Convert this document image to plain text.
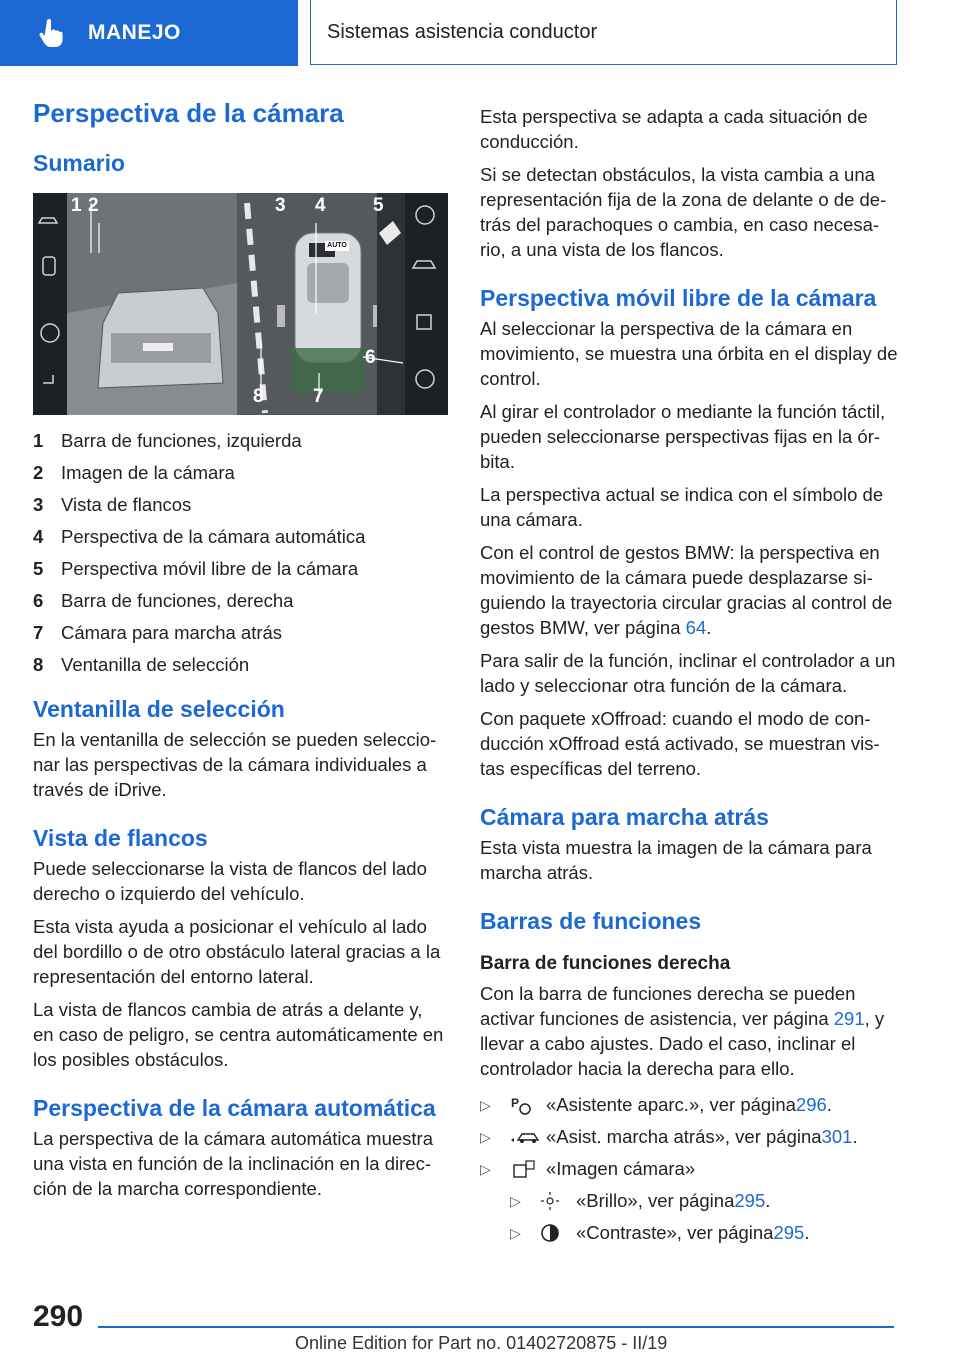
MANEJO	Sistemas asistencia conductor
Perspectiva de la cámara
Sumario
1 2	3 4 5
6
7
8
AUTO
1 Barra de funciones, izquierda
2 Imagen de la cámara
3 Vista de flancos
4 Perspectiva de la cámara automática
5 Perspectiva móvil libre de la cámara
6 Barra de funciones, derecha
7 Cámara para marcha atrás
8 Ventanilla de selección
Ventanilla de selección

En la ventanilla de selección se pueden seleccio‐nar las perspectivas de la cámara individuales a través de iDrive.

Vista de flancos

Puede seleccionarse la vista de flancos del lado derecho o izquierdo del vehículo.

Esta vista ayuda a posicionar el vehículo al lado del bordillo o de otro obstáculo lateral gracias a la representación del entorno lateral.

La vista de flancos cambia de atrás a delante y, en caso de peligro, se centra automáticamente en los posibles obstáculos.

Perspectiva de la cámara automática

La perspectiva de la cámara automática muestra una vista en función de la inclinación en la direc‐ción de la marcha correspondiente.

Esta perspectiva se adapta a cada situación de conducción.

Si se detectan obstáculos, la vista cambia a una representación fija de la zona de delante o de de‐trás del parachoques o cambia, en caso necesa‐rio, a una vista de los flancos.

Perspectiva móvil libre de la cámara

Al seleccionar la perspectiva de la cámara en movimiento, se muestra una órbita en el display de control.

Al girar el controlador o mediante la función táctil, pueden seleccionarse perspectivas fijas en la ór‐bita.

La perspectiva actual se indica con el símbolo de una cámara.

Con el control de gestos BMW: la perspectiva en movimiento de la cámara puede desplazarse si‐guiendo la trayectoria circular gracias al control de gestos BMW, ver página 64.

Para salir de la función, inclinar el controlador a un lado y seleccionar otra función de la cámara.

Con paquete xOffroad: cuando el modo de con‐ducción xOffroad está activado, se muestran vis‐tas específicas del terreno.

Cámara para marcha atrás

Esta vista muestra la imagen de la cámara para marcha atrás.

Barras de funciones
Barra de funciones derecha

Con la barra de funciones derecha se pueden activar funciones de asistencia, ver página 291, y llevar a cabo ajustes. Dado el caso, inclinar el controlador hacia la derecha para ello.

▷	P «Asistente aparc.», ver página 296 .
▷	«Asist. marcha atrás», ver página 301 .
▷	«Imagen cámara»
▷	«Brillo», ver página 295 .
▷	«Contraste», ver página 295 .
290
Online Edition for Part no. 01402720875 - II/19
